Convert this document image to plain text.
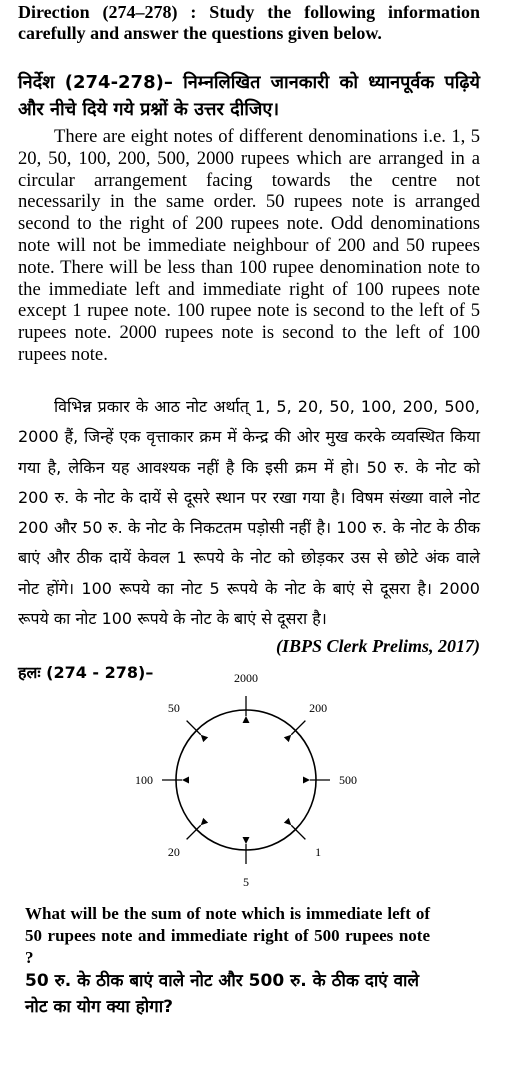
Direction (274–278) : Study the following information carefully and answer the questions given below.
निर्देश (274-278)– निम्नलिखित जानकारी को ध्यानपूर्वक पढ़िये और नीचे दिये गये प्रश्नों के उत्तर दीजिए।
There are eight notes of different denominations i.e. 1, 5 20, 50, 100, 200, 500, 2000 rupees which are arranged in a circular arrangement facing towards the centre not necessarily in the same order. 50 rupees note is arranged second to the right of 200 rupees note. Odd denominations note will not be immediate neighbour of 200 and 50 rupees note. There will be less than 100 rupee denomination note to the immediate left and immediate right of 100 rupees note except 1 rupee note. 100 rupee note is second to the left of 5 rupees note. 2000 rupees note is second to the left of 100 rupees note.
विभिन्न प्रकार के आठ नोट अर्थात् 1, 5, 20, 50, 100, 200, 500, 2000 हैं, जिन्हें एक वृत्ताकार क्रम में केन्द्र की ओर मुख करके व्यवस्थित किया गया है, लेकिन यह आवश्यक नहीं है कि इसी क्रम में हो। 50 रु. के नोट को 200 रु. के नोट के दायें से दूसरे स्थान पर रखा गया है। विषम संख्या वाले नोट 200 और 50 रु. के नोट के निकटतम पड़ोसी नहीं है। 100 रु. के नोट के ठीक बाएं और ठीक दायें केवल 1 रूपये के नोट को छोड़कर उस से छोटे अंक वाले नोट होंगे। 100 रूपये का नोट 5 रूपये के नोट के बाएं से दूसरा है। 2000 रूपये का नोट 100 रूपये के नोट के बाएं से दूसरा है।
(IBPS Clerk Prelims, 2017)
हलः (274 - 278)–	2000
200
500
1
5
20
100
50
What will be the sum of note which is immediate left of 50 rupees note and immediate right of 500 rupees note ?
50 रु. के ठीक बाएं वाले नोट और 500 रु. के ठीक दाएं वाले नोट का योग क्या होगा?
